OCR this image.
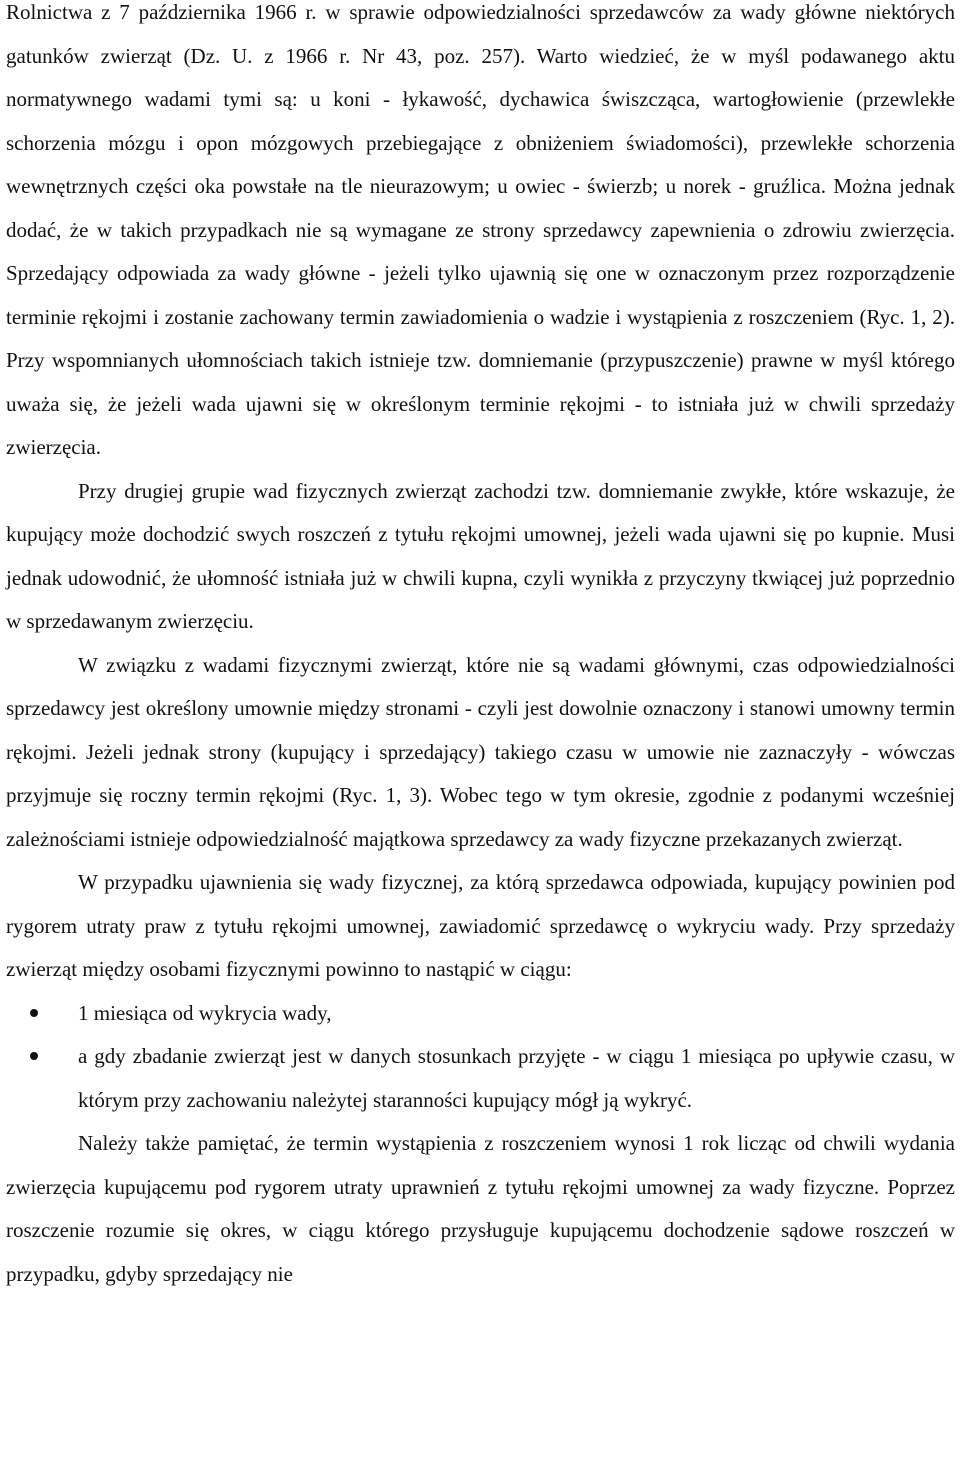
Rolnictwa z 7 października 1966 r. w sprawie odpowiedzialności sprzedawców za wady główne niektórych gatunków zwierząt (Dz. U. z 1966 r. Nr 43, poz. 257). Warto wiedzieć, że w myśl podawanego aktu normatywnego wadami tymi są: u koni - łykawość, dychawica świszcząca, wartogłowienie (przewlekłe schorzenia mózgu i opon mózgowych przebiegające z obniżeniem świadomości), przewlekłe schorzenia wewnętrznych części oka powstałe na tle nieurazowym; u owiec - świerzb; u norek - gruźlica. Można jednak dodać, że w takich przypadkach nie są wymagane ze strony sprzedawcy zapewnienia o zdrowiu zwierzęcia. Sprzedający odpowiada za wady główne - jeżeli tylko ujawnią się one w oznaczonym przez rozporządzenie terminie rękojmi i zostanie zachowany termin zawiadomienia o wadzie i wystąpienia z roszczeniem (Ryc. 1, 2). Przy wspomnianych ułomnościach takich istnieje tzw. domniemanie (przypuszczenie) prawne w myśl którego uważa się, że jeżeli wada ujawni się w określonym terminie rękojmi - to istniała już w chwili sprzedaży zwierzęcia.

Przy drugiej grupie wad fizycznych zwierząt zachodzi tzw. domniemanie zwykłe, które wskazuje, że kupujący może dochodzić swych roszczeń z tytułu rękojmi umownej, jeżeli wada ujawni się po kupnie. Musi jednak udowodnić, że ułomność istniała już w chwili kupna, czyli wynikła z przyczyny tkwiącej już poprzednio w sprzedawanym zwierzęciu.

W związku z wadami fizycznymi zwierząt, które nie są wadami głównymi, czas odpowiedzialności sprzedawcy jest określony umownie między stronami - czyli jest dowolnie oznaczony i stanowi umowny termin rękojmi. Jeżeli jednak strony (kupujący i sprzedający) takiego czasu w umowie nie zaznaczyły - wówczas przyjmuje się roczny termin rękojmi (Ryc. 1, 3). Wobec tego w tym okresie, zgodnie z podanymi wcześniej zależnościami istnieje odpowiedzialność majątkowa sprzedawcy za wady fizyczne przekazanych zwierząt.

W przypadku ujawnienia się wady fizycznej, za którą sprzedawca odpowiada, kupujący powinien pod rygorem utraty praw z tytułu rękojmi umownej, zawiadomić sprzedawcę o wykryciu wady. Przy sprzedaży zwierząt między osobami fizycznymi powinno to nastąpić w ciągu:

1 miesiąca od wykrycia wady,
a gdy zbadanie zwierząt jest w danych stosunkach przyjęte - w ciągu 1 miesiąca po upływie czasu, w którym przy zachowaniu należytej staranności kupujący mógł ją wykryć.

Należy także pamiętać, że termin wystąpienia z roszczeniem wynosi 1 rok licząc od chwili wydania zwierzęcia kupującemu pod rygorem utraty uprawnień z tytułu rękojmi umownej za wady fizyczne. Poprzez roszczenie rozumie się okres, w ciągu którego przysługuje kupującemu dochodzenie sądowe roszczeń w przypadku, gdyby sprzedający nie
